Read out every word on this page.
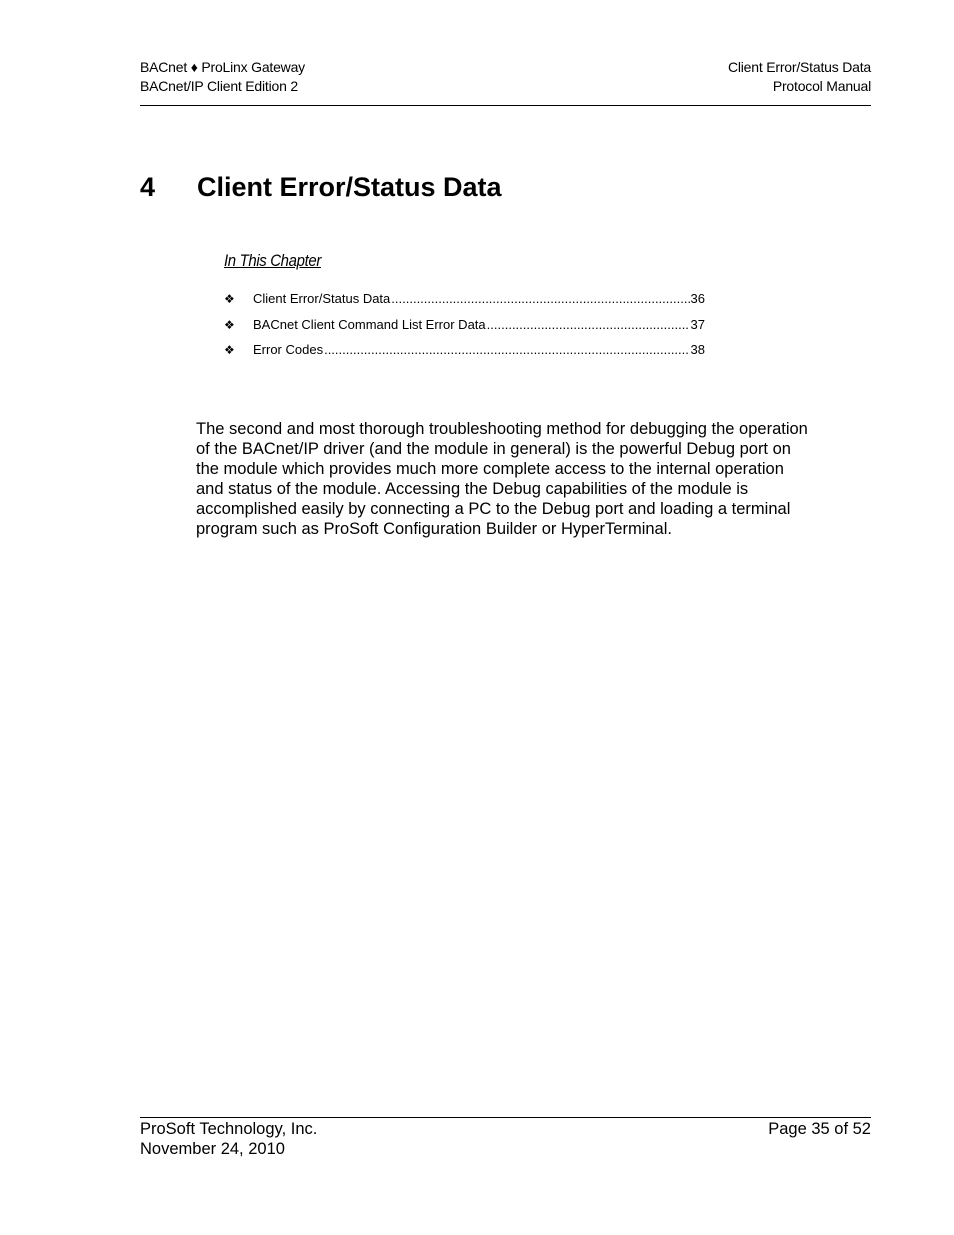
BACnet ♦ ProLinx Gateway
BACnet/IP Client Edition 2
Client Error/Status Data
Protocol Manual
4 Client Error/Status Data
In This Chapter
❖	Client Error/Status Data .....	36
❖	BACnet Client Command List Error Data .....	37
❖	Error Codes .....	38

The second and most thorough troubleshooting method for debugging the operation of the BACnet/IP driver (and the module in general) is the powerful Debug port on the module which provides much more complete access to the internal operation and status of the module. Accessing the Debug capabilities of the module is accomplished easily by connecting a PC to the Debug port and loading a terminal program such as ProSoft Configuration Builder or HyperTerminal.

ProSoft Technology, Inc.
November 24, 2010
Page 35 of 52
